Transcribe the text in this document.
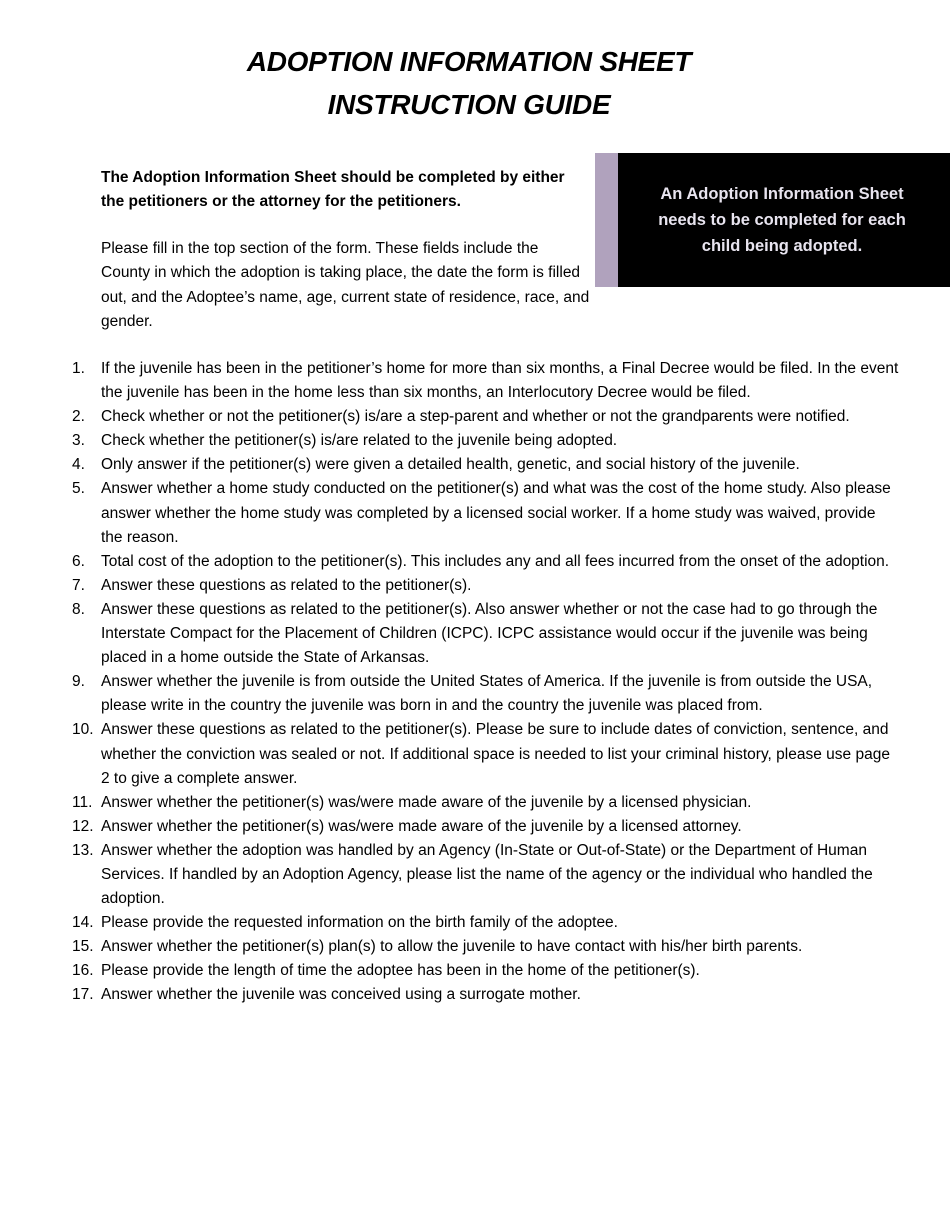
ADOPTION INFORMATION SHEET
INSTRUCTION GUIDE

The Adoption Information Sheet should be completed by either the petitioners or the attorney for the petitioners.

Please fill in the top section of the form. These fields include the County in which the adoption is taking place, the date the form is filled out, and the Adoptee’s name, age, current state of residence, race, and gender.

An Adoption Information Sheet needs to be completed for each child being adopted.
1. If the juvenile has been in the petitioner’s home for more than six months, a Final Decree would be filed. In the event the juvenile has been in the home less than six months, an Interlocutory Decree would be filed.
2. Check whether or not the petitioner(s) is/are a step-parent and whether or not the grandparents were notified.
3. Check whether the petitioner(s) is/are related to the juvenile being adopted.
4. Only answer if the petitioner(s) were given a detailed health, genetic, and social history of the juvenile.
5. Answer whether a home study conducted on the petitioner(s) and what was the cost of the home study. Also please answer whether the home study was completed by a licensed social worker. If a home study was waived, provide the reason.
6. Total cost of the adoption to the petitioner(s). This includes any and all fees incurred from the onset of the adoption.
7. Answer these questions as related to the petitioner(s).
8. Answer these questions as related to the petitioner(s). Also answer whether or not the case had to go through the Interstate Compact for the Placement of Children (ICPC). ICPC assistance would occur if the juvenile was being placed in a home outside the State of Arkansas.
9. Answer whether the juvenile is from outside the United States of America. If the juvenile is from outside the USA, please write in the country the juvenile was born in and the country the juvenile was placed from.
10. Answer these questions as related to the petitioner(s). Please be sure to include dates of conviction, sentence, and whether the conviction was sealed or not. If additional space is needed to list your criminal history, please use page 2 to give a complete answer.
11. Answer whether the petitioner(s) was/were made aware of the juvenile by a licensed physician.
12. Answer whether the petitioner(s) was/were made aware of the juvenile by a licensed attorney.
13. Answer whether the adoption was handled by an Agency (In-State or Out-of-State) or the Department of Human Services. If handled by an Adoption Agency, please list the name of the agency or the individual who handled the adoption.
14. Please provide the requested information on the birth family of the adoptee.
15. Answer whether the petitioner(s) plan(s) to allow the juvenile to have contact with his/her birth parents.
16. Please provide the length of time the adoptee has been in the home of the petitioner(s).
17. Answer whether the juvenile was conceived using a surrogate mother.
